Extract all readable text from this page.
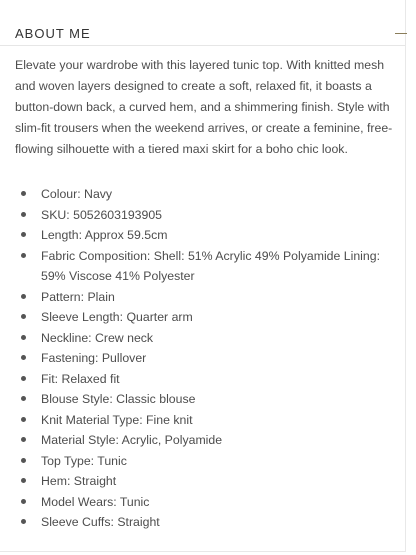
ABOUT ME

Elevate your wardrobe with this layered tunic top. With knitted mesh and woven layers designed to create a soft, relaxed fit, it boasts a button-down back, a curved hem, and a shimmering finish. Style with slim-fit trousers when the weekend arrives, or create a feminine, free-flowing silhouette with a tiered maxi skirt for a boho chic look.

Colour: Navy
SKU: 5052603193905
Length: Approx 59.5cm
Fabric Composition: Shell: 51% Acrylic 49% Polyamide Lining: 59% Viscose 41% Polyester
Pattern: Plain
Sleeve Length: Quarter arm
Neckline: Crew neck
Fastening: Pullover
Fit: Relaxed fit
Blouse Style: Classic blouse
Knit Material Type: Fine knit
Material Style: Acrylic, Polyamide
Top Type: Tunic
Hem: Straight
Model Wears: Tunic
Sleeve Cuffs: Straight
